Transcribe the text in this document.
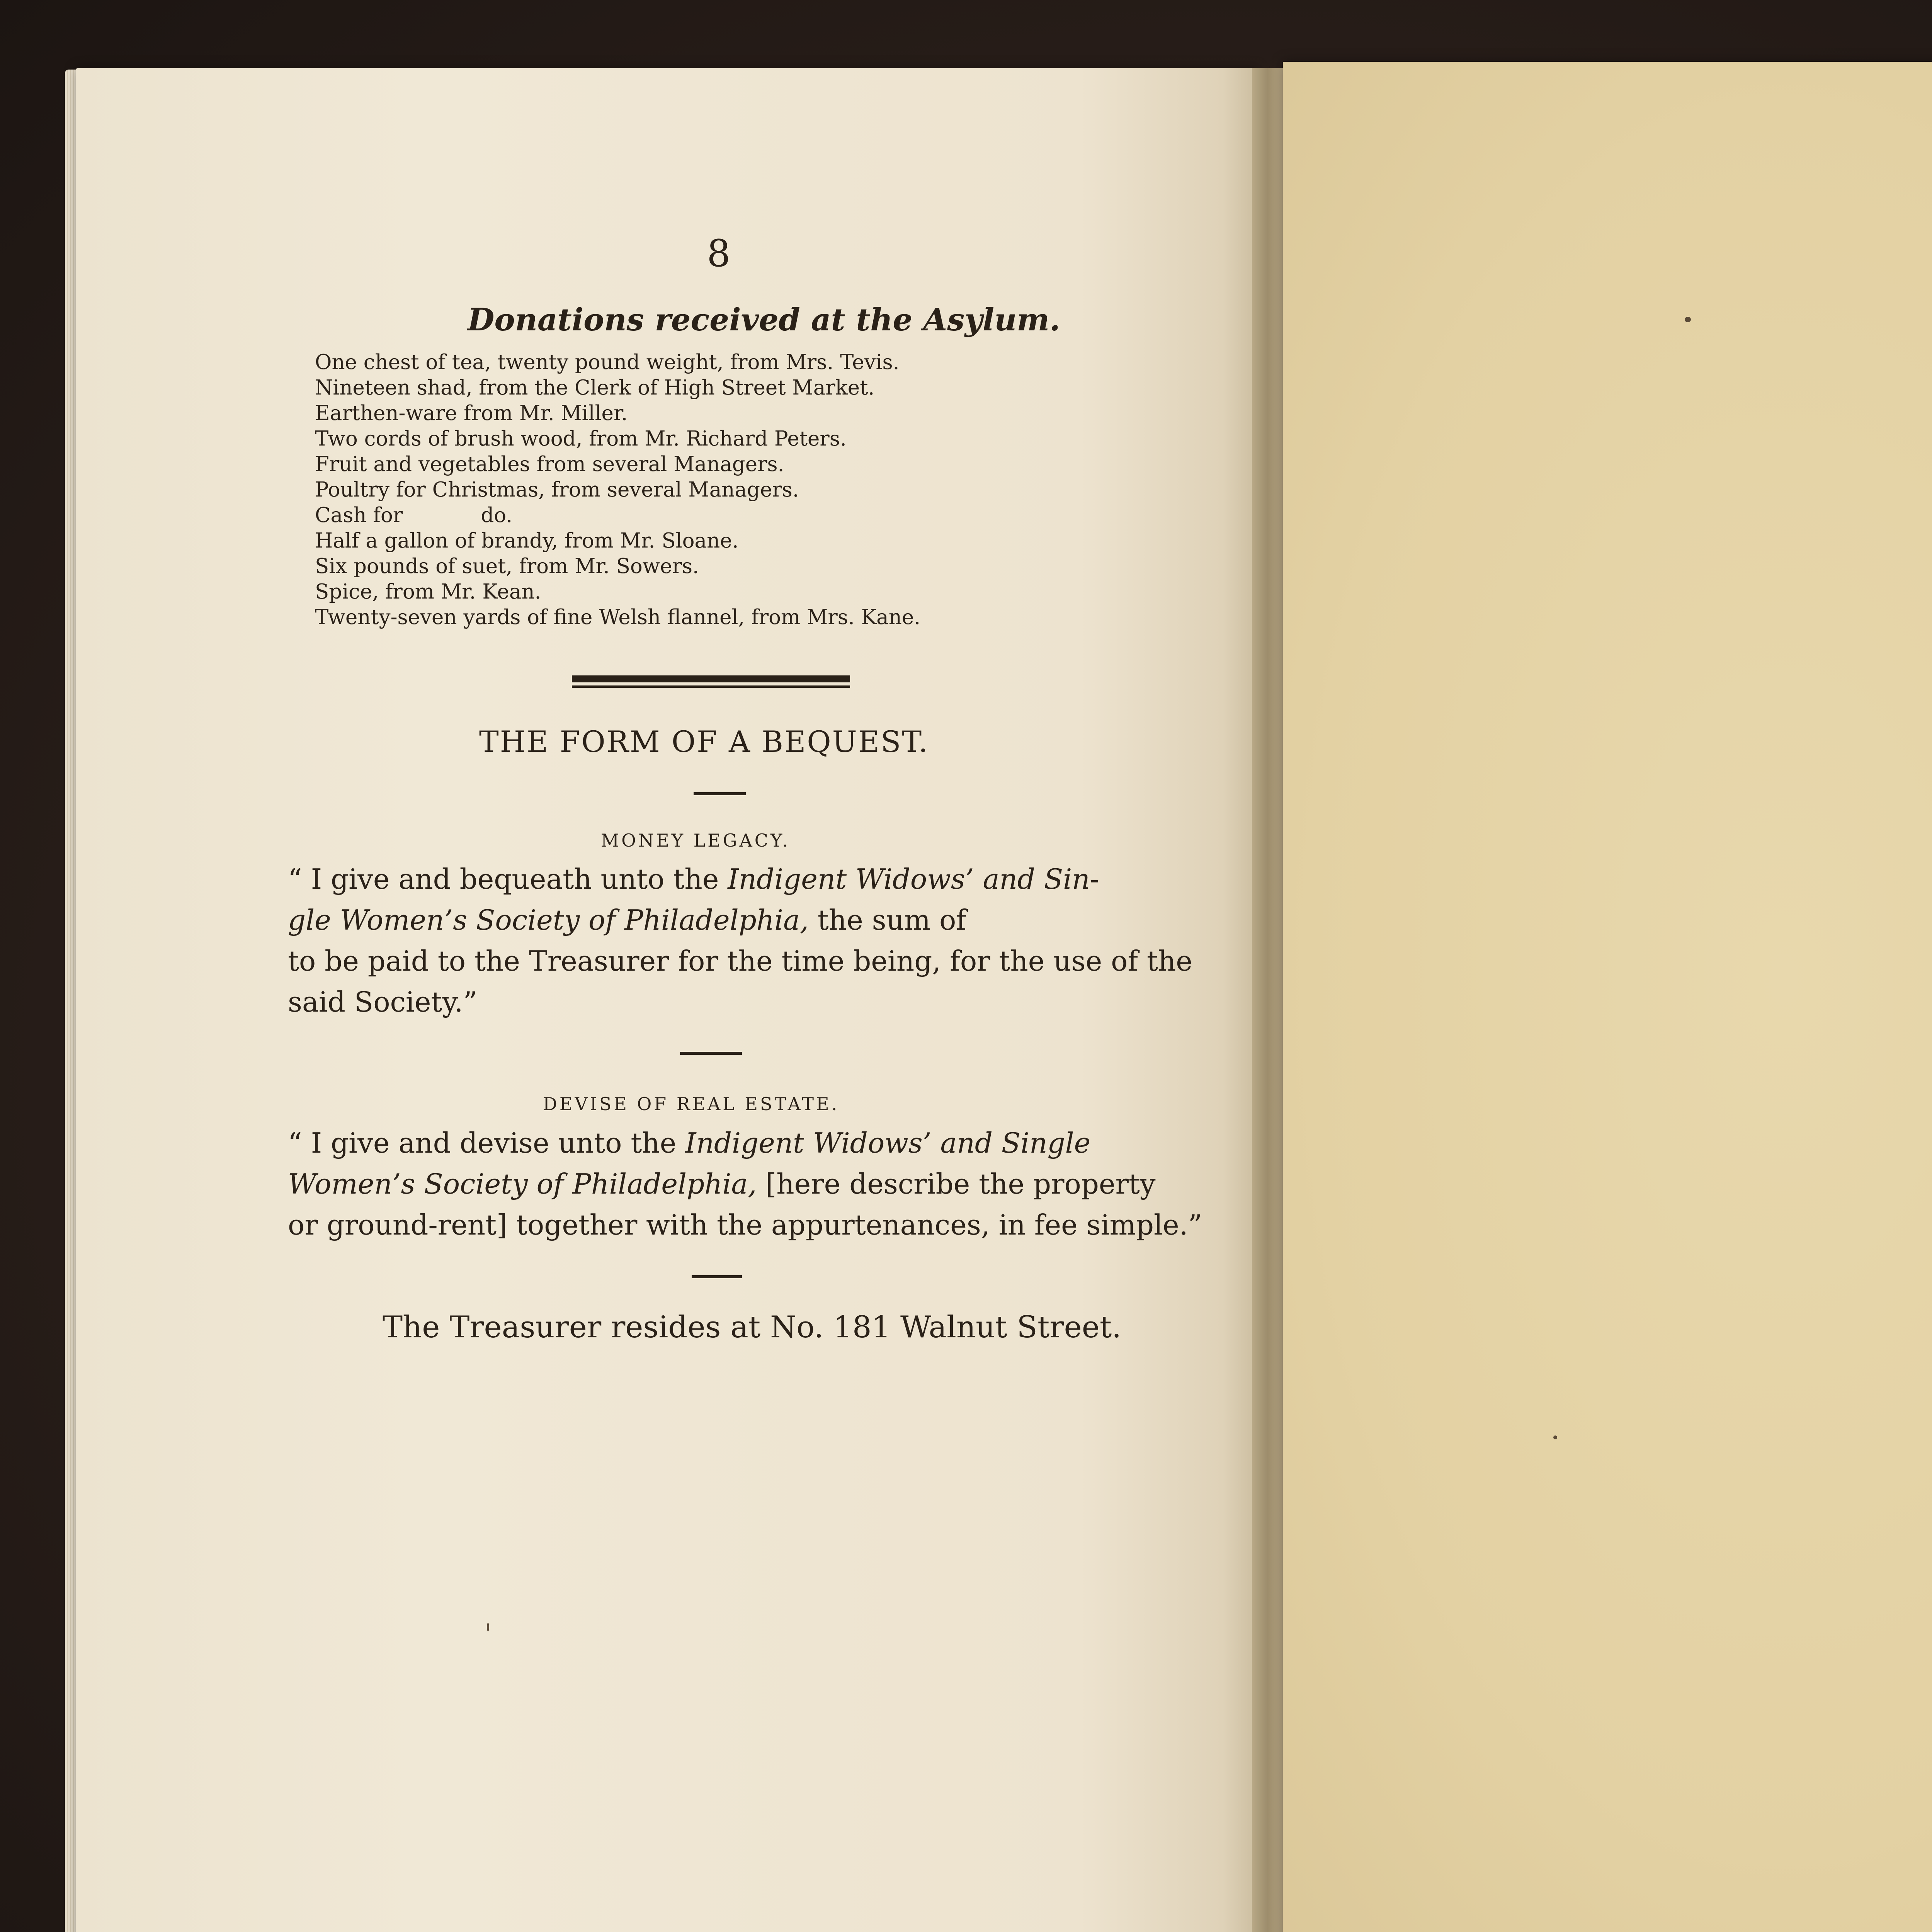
8
Donations received at the Asylum.
One chest of tea, twenty pound weight, from Mrs. Tevis.
Nineteen shad, from the Clerk of High Street Market.
Earthen-ware from Mr. Miller.
Two cords of brush wood, from Mr. Richard Peters.
Fruit and vegetables from several Managers.
Poultry for Christmas, from several Managers.
Cash for            do.
Half a gallon of brandy, from Mr. Sloane.
Six pounds of suet, from Mr. Sowers.
Spice, from Mr. Kean.
Twenty-seven yards of fine Welsh flannel, from Mrs. Kane.
THE FORM OF A BEQUEST.
MONEY LEGACY.
“ I give and bequeath unto the Indigent Widows’ and Sin-
gle Women’s Society of Philadelphia, the sum of
to be paid to the Treasurer for the time being, for the use of the
said Society.”
DEVISE OF REAL ESTATE.
“ I give and devise unto the Indigent Widows’ and Single
Women’s Society of Philadelphia, [here describe the property
or ground-rent] together with the appurtenances, in fee simple.”
The Treasurer resides at No. 181 Walnut Street.
